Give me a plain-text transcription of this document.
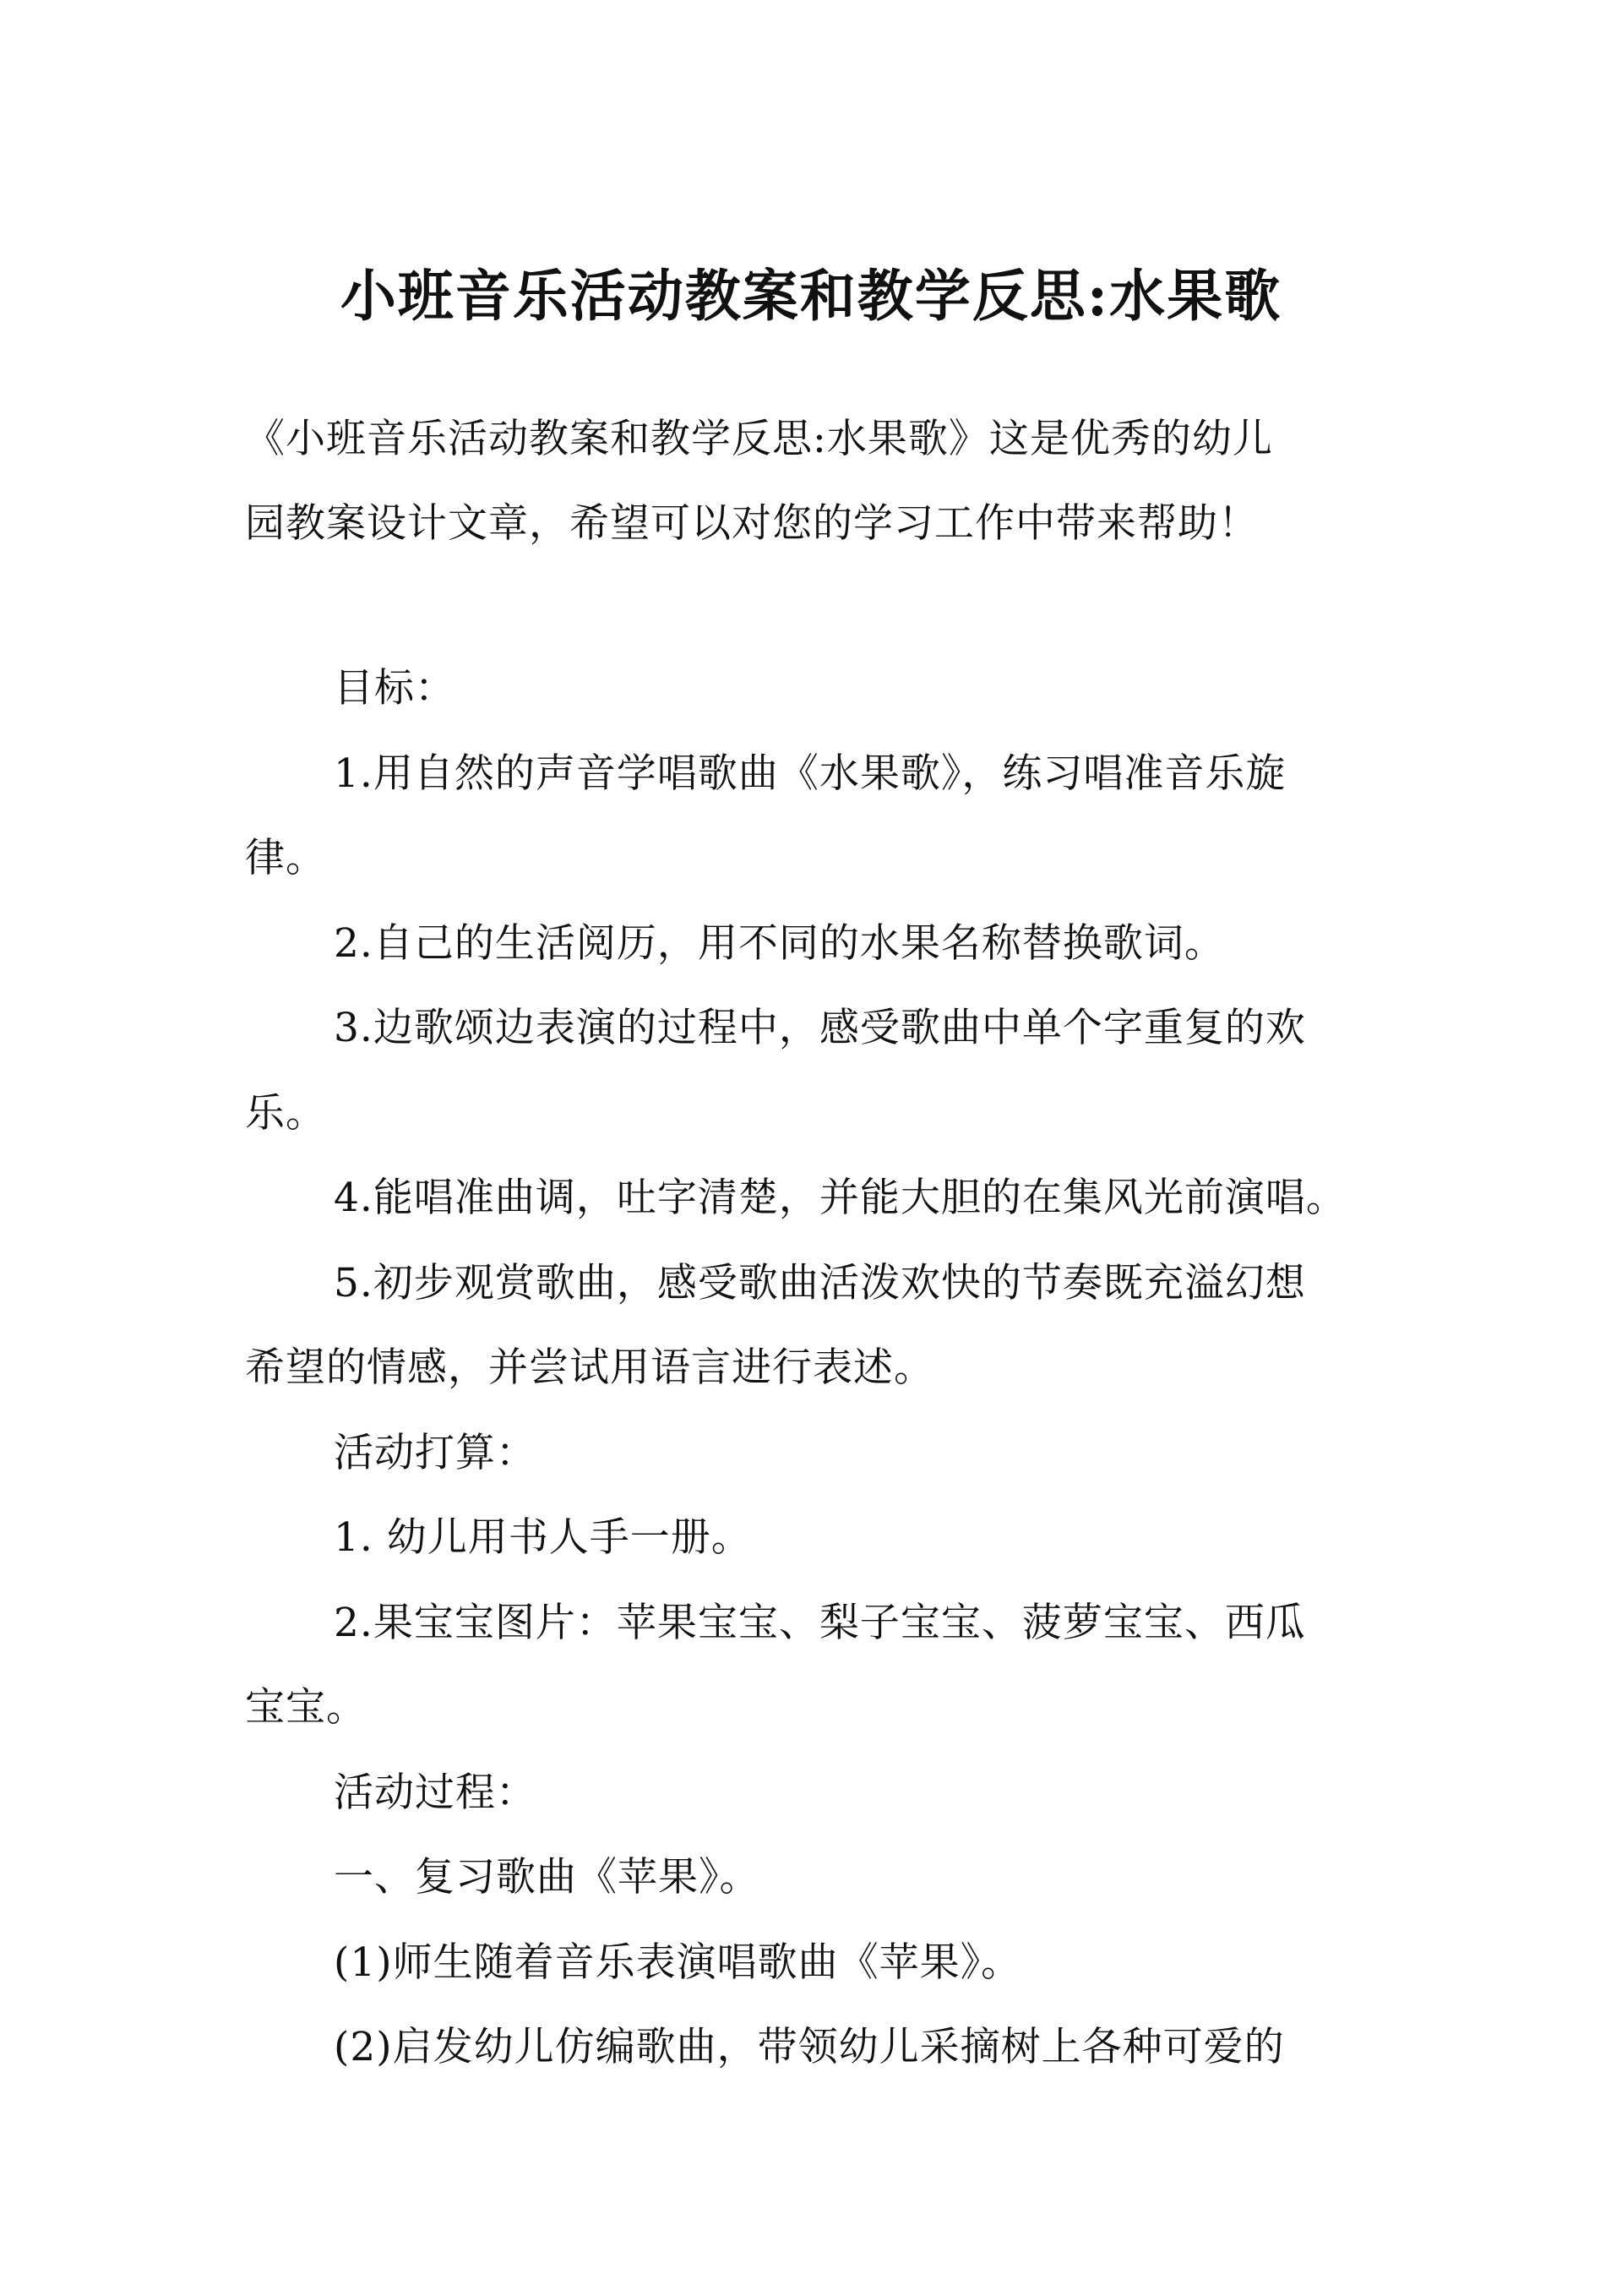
小班音乐活动教案和教学反思:水果歌

《小班音乐活动教案和教学反思:水果歌》这是优秀的幼儿

园教案设计文章，希望可以对您的学习工作中带来帮助！

目标：

1.用自然的声音学唱歌曲《水果歌》，练习唱准音乐旋

律。

2.自己的生活阅历，用不同的水果名称替换歌词。

3.边歌颂边表演的过程中，感受歌曲中单个字重复的欢

乐。

4.能唱准曲调，吐字清楚，并能大胆的在集风光前演唱。

5.初步观赏歌曲，感受歌曲活泼欢快的节奏既充溢幻想

希望的情感，并尝试用语言进行表述。

活动打算：

1. 幼儿用书人手一册。

2.果宝宝图片：苹果宝宝、梨子宝宝、菠萝宝宝、西瓜

宝宝。

活动过程：

一、复习歌曲《苹果》。

(1)师生随着音乐表演唱歌曲《苹果》。

(2)启发幼儿仿编歌曲，带领幼儿采摘树上各种可爱的
